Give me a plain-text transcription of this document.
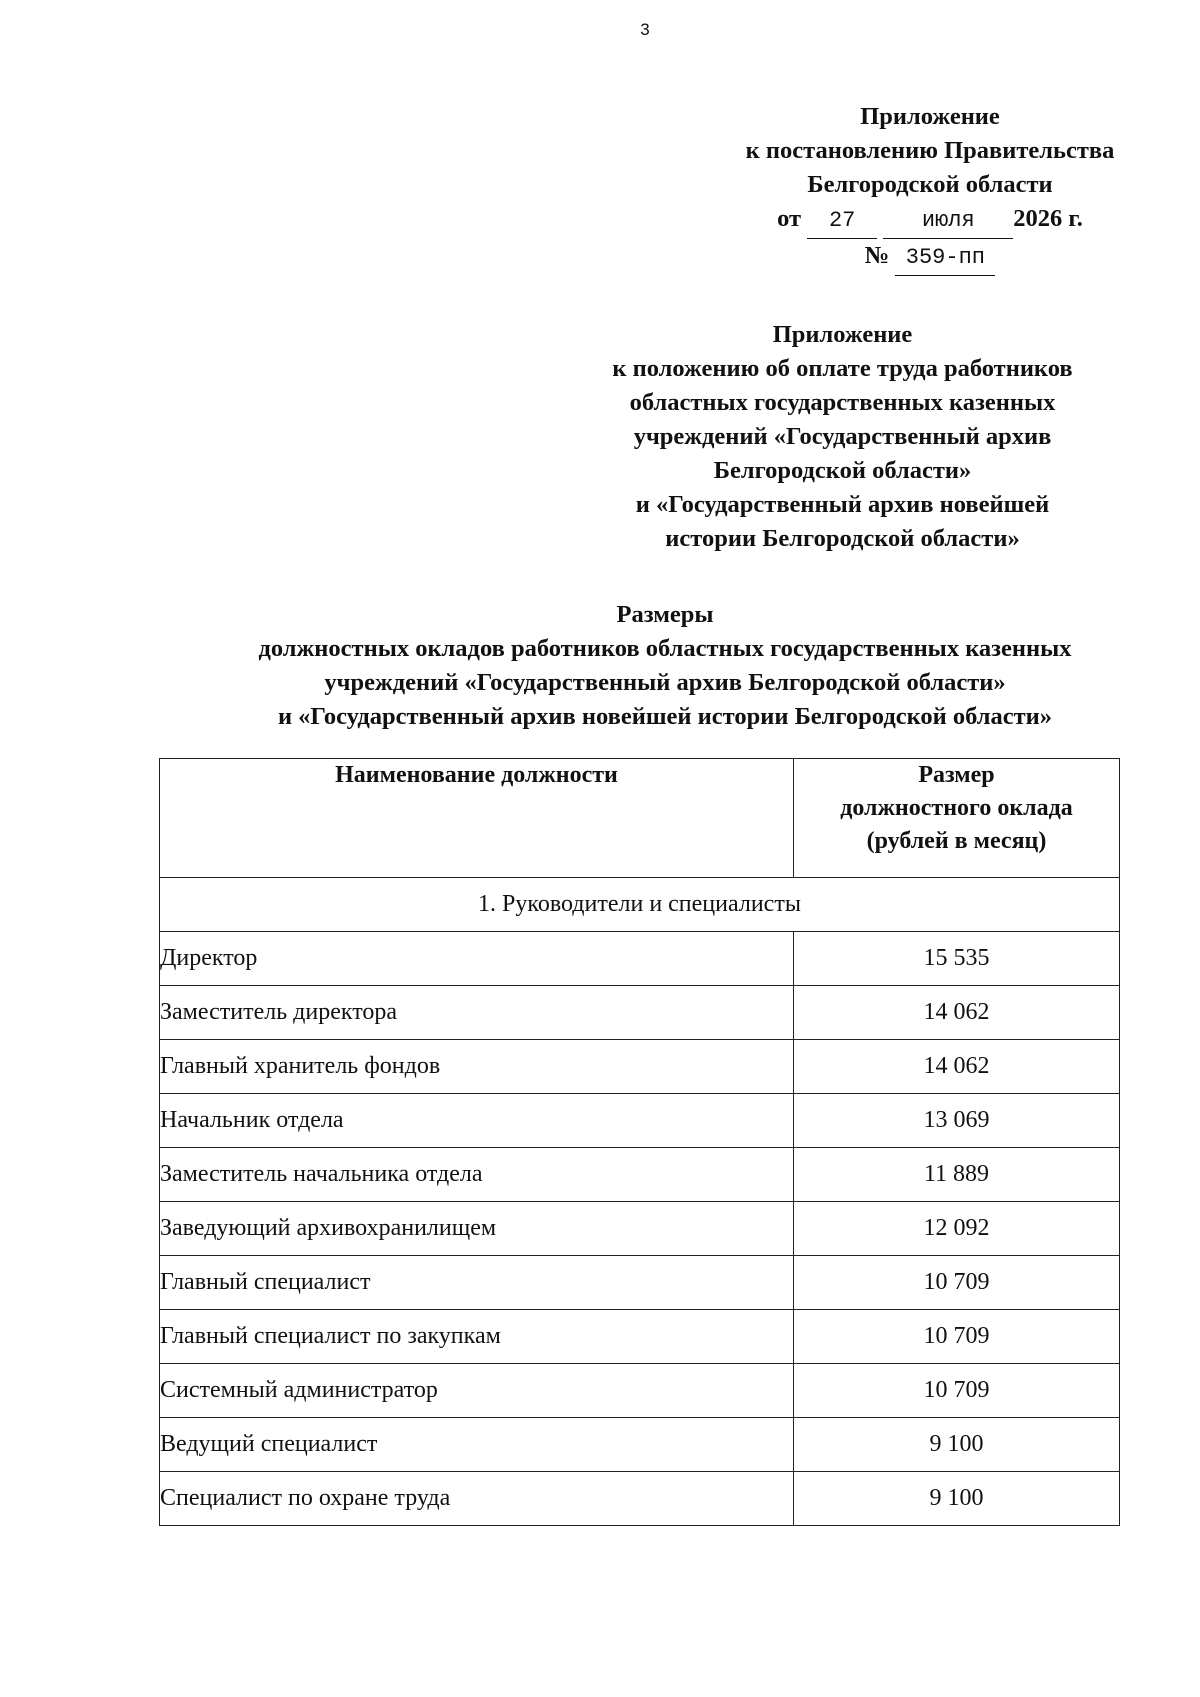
3
Приложение
к постановлению Правительства
Белгородской области
от 27	июля 2026 г.
№ 359-пп
Приложение
к положению об оплате труда работников
областных государственных казенных
учреждений «Государственный архив
Белгородской области»
и «Государственный архив новейшей
истории Белгородской области»
Размеры
должностных окладов работников областных государственных казенных
учреждений «Государственный архив Белгородской области»
и «Государственный архив новейшей истории Белгородской области»
Наименование должности	Размер
должностного оклада
(рублей в месяц)

1. Руководители и специалисты	
Директор	15 535
Заместитель директора	14 062
Главный хранитель фондов	14 062
Начальник отдела	13 069
Заместитель начальника отдела	11 889
Заведующий архивохранилищем	12 092
Главный специалист	10 709
Главный специалист по закупкам	10 709
Системный администратор	10 709
Ведущий специалист	9 100
Специалист по охране труда	9 100
